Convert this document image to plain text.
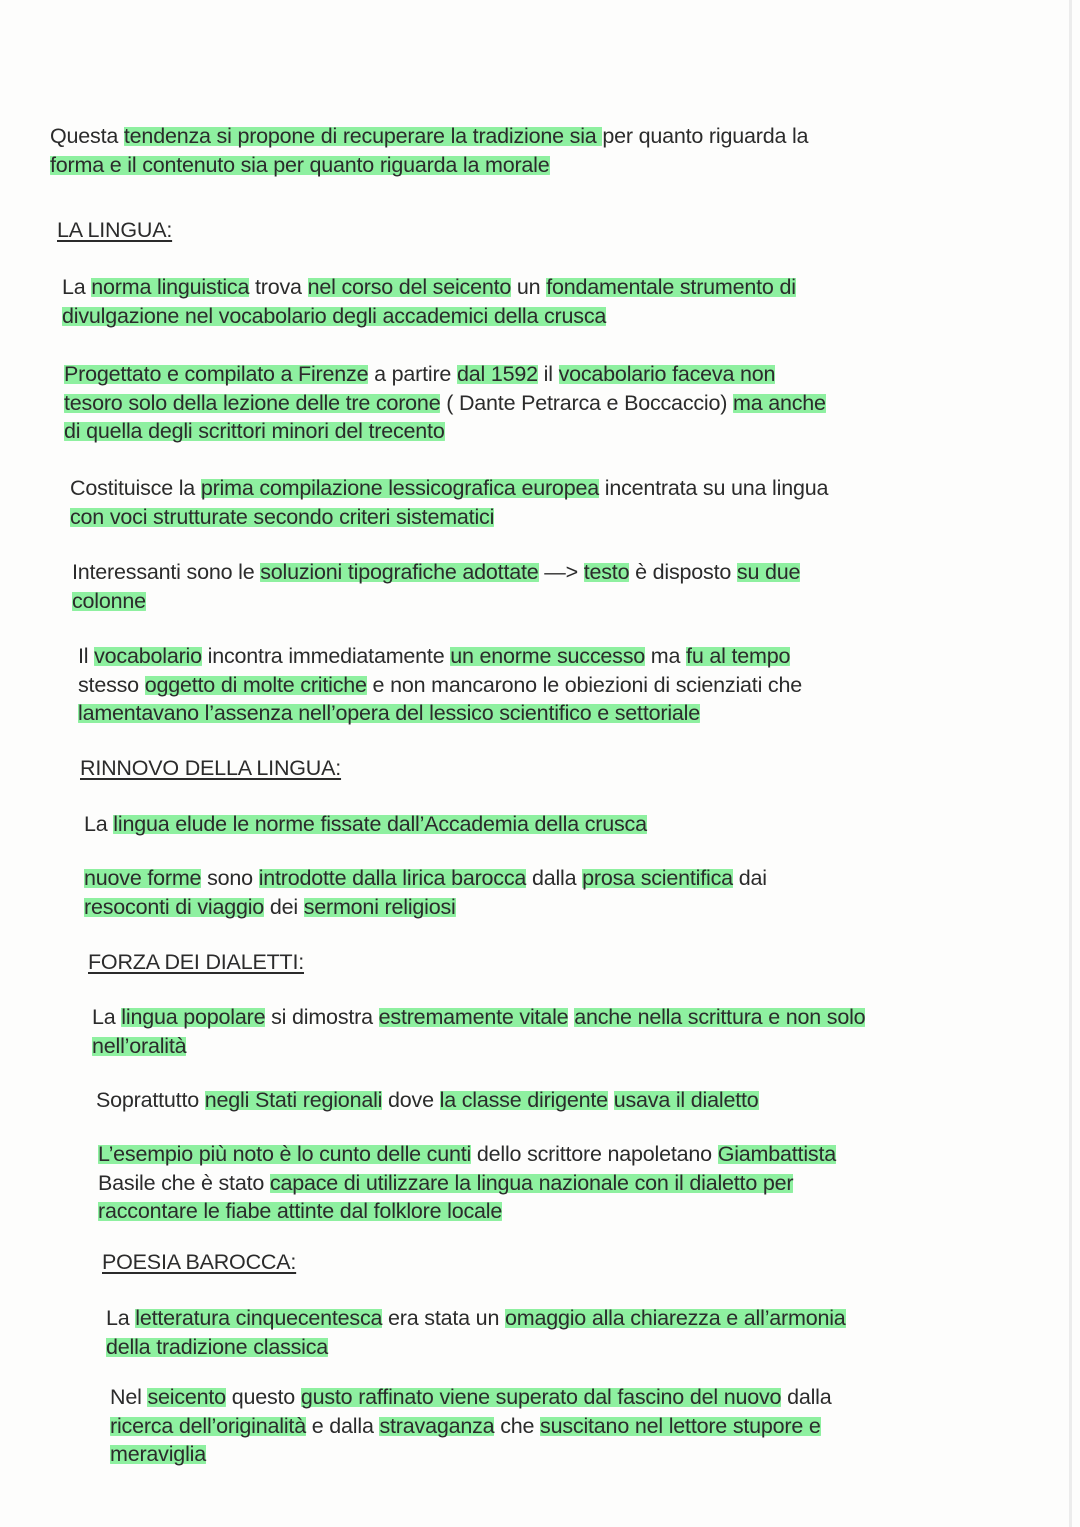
Questa tendenza si propone di recuperare la tradizione sia per quanto riguarda la
forma e il contenuto sia per quanto riguarda la morale
LA LINGUA:
La norma linguistica trova nel corso del seicento un fondamentale strumento di
divulgazione nel vocabolario degli accademici della crusca
Progettato e compilato a Firenze a partire dal 1592 il vocabolario faceva non
tesoro solo della lezione delle tre corone ( Dante Petrarca e Boccaccio) ma anche
di quella degli scrittori minori del trecento
Costituisce la prima compilazione lessicografica europea incentrata su una lingua
con voci strutturate secondo criteri sistematici
Interessanti sono le soluzioni tipografiche adottate —> testo è disposto su due
colonne
Il vocabolario incontra immediatamente un enorme successo ma fu al tempo
stesso oggetto di molte critiche e non mancarono le obiezioni di scienziati che
lamentavano l’assenza nell’opera del lessico scientifico e settoriale
RINNOVO DELLA LINGUA:
La lingua elude le norme fissate dall’Accademia della crusca
nuove forme sono introdotte dalla lirica barocca dalla prosa scientifica dai
resoconti di viaggio dei sermoni religiosi
FORZA DEI DIALETTI:
La lingua popolare si dimostra estremamente vitale anche nella scrittura e non solo
nell’oralità
Soprattutto negli Stati regionali dove la classe dirigente usava il dialetto
L’esempio più noto è lo cunto delle cunti dello scrittore napoletano Giambattista
Basile che è stato capace di utilizzare la lingua nazionale con il dialetto per
raccontare le fiabe attinte dal folklore locale
POESIA BAROCCA:
La letteratura cinquecentesca era stata un omaggio alla chiarezza e all’armonia
della tradizione classica
Nel seicento questo gusto raffinato viene superato dal fascino del nuovo dalla
ricerca dell’originalità e dalla stravaganza che suscitano nel lettore stupore e
meraviglia
